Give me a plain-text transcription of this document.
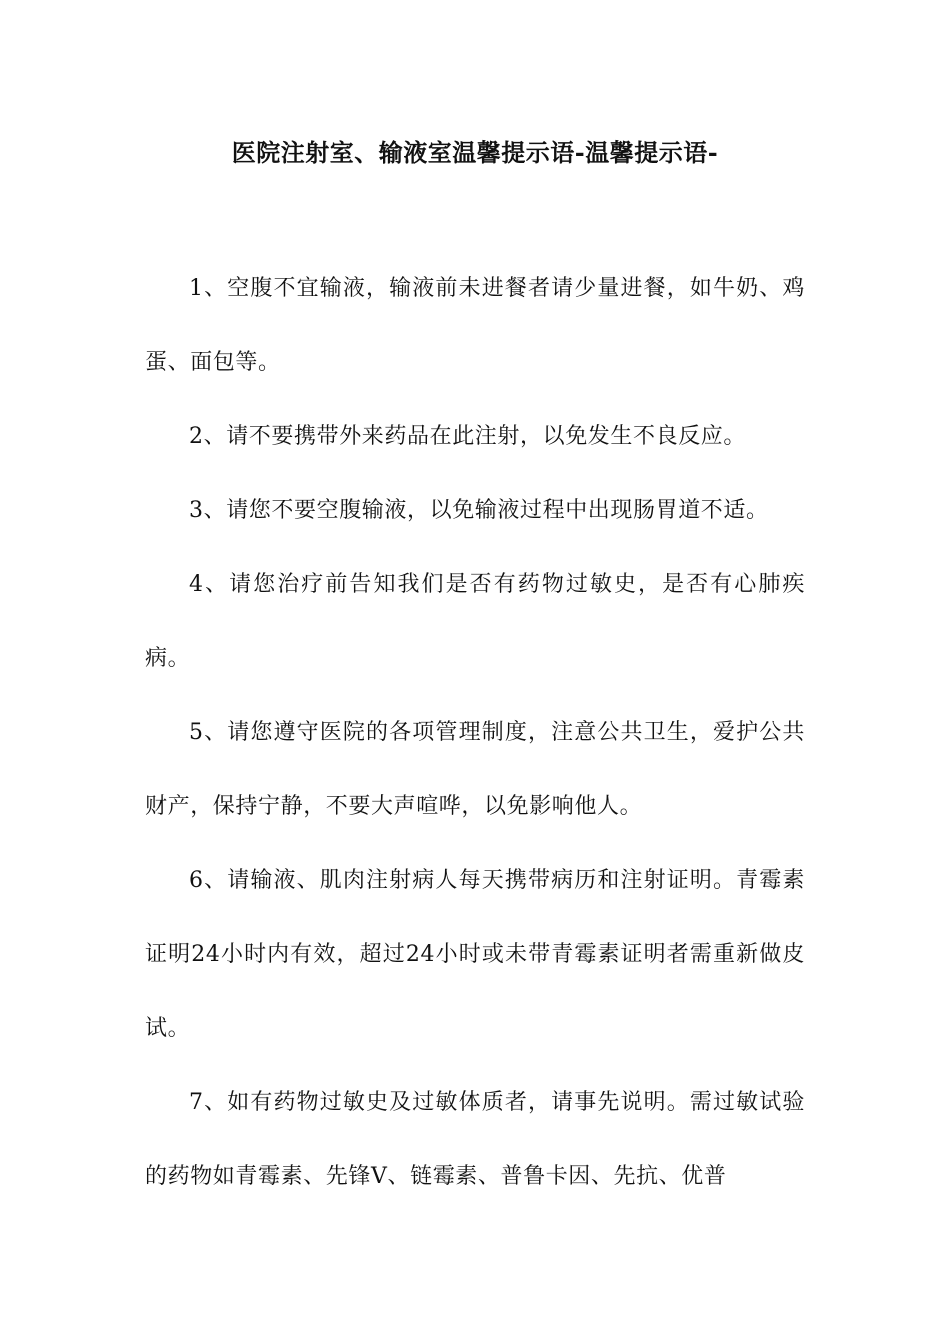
医院注射室、输液室温馨提示语-温馨提示语-

1、空腹不宜输液，输液前未进餐者请少量进餐，如牛奶、鸡蛋、面包等。

2、请不要携带外来药品在此注射，以免发生不良反应。

3、请您不要空腹输液，以免输液过程中出现肠胃道不适。

4、请您治疗前告知我们是否有药物过敏史，是否有心肺疾病。

5、请您遵守医院的各项管理制度，注意公共卫生，爱护公共财产，保持宁静，不要大声喧哗，以免影响他人。

6、请输液、肌肉注射病人每天携带病历和注射证明。青霉素证明24小时内有效，超过24小时或未带青霉素证明者需重新做皮试。

7、如有药物过敏史及过敏体质者，请事先说明。需过敏试验的药物如青霉素、先锋V、链霉素、普鲁卡因、先抗、优普
